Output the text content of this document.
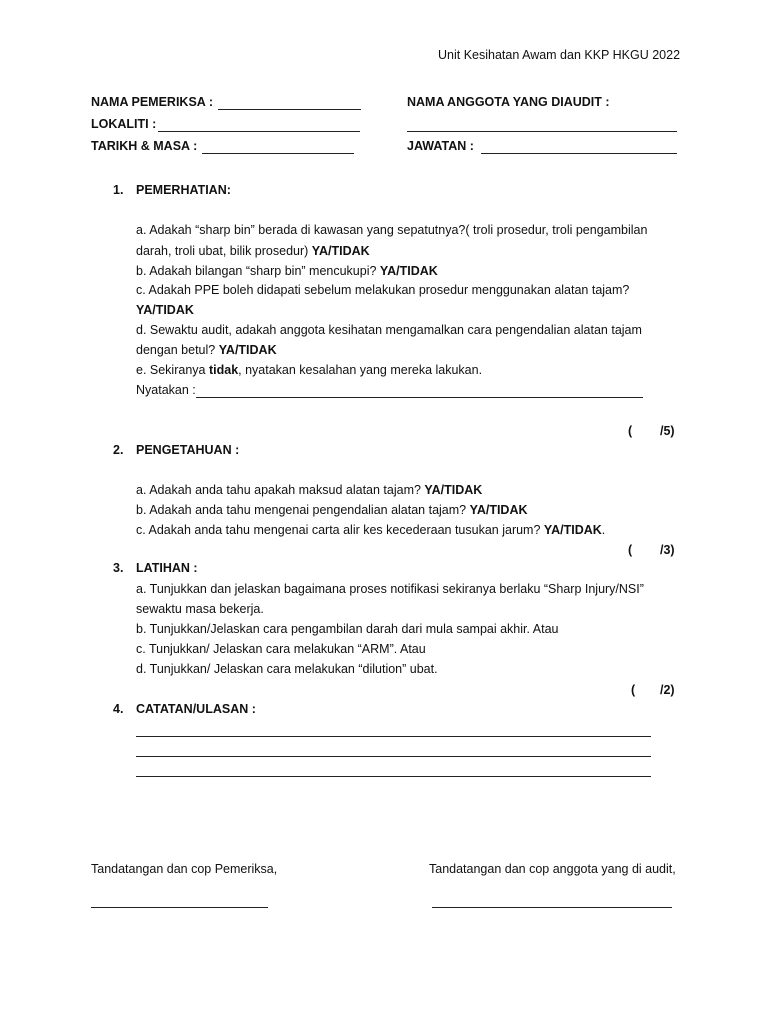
Unit Kesihatan Awam dan KKP HKGU 2022
NAMA PEMERIKSA :	NAMA ANGGOTA YANG DIAUDIT :
LOKALITI :
TARIKH & MASA :	JAWATAN :
1. PEMERHATIAN:
a. Adakah “sharp bin” berada di kawasan yang sepatutnya?( troli prosedur, troli pengambilan
darah, troli ubat, bilik prosedur) YA/TIDAK
b. Adakah bilangan “sharp bin” mencukupi? YA/TIDAK
c. Adakah PPE boleh didapati sebelum melakukan prosedur menggunakan alatan tajam?
YA/TIDAK
d. Sewaktu audit, adakah anggota kesihatan mengamalkan cara pengendalian alatan tajam
dengan betul? YA/TIDAK
e. Sekiranya tidak, nyatakan kesalahan yang mereka lakukan.
Nyatakan :
( /5)
2. PENGETAHUAN :
a. Adakah anda tahu apakah maksud alatan tajam? YA/TIDAK
b. Adakah anda tahu mengenai pengendalian alatan tajam? YA/TIDAK
c. Adakah anda tahu mengenai carta alir kes kecederaan tusukan jarum? YA/TIDAK.
( /3)
3. LATIHAN :
a. Tunjukkan dan jelaskan bagaimana proses notifikasi sekiranya berlaku “Sharp Injury/NSI”
sewaktu masa bekerja.
b. Tunjukkan/Jelaskan cara pengambilan darah dari mula sampai akhir. Atau
c. Tunjukkan/ Jelaskan cara melakukan “ARM”. Atau
d. Tunjukkan/ Jelaskan cara melakukan “dilution” ubat.
( /2)
4. CATATAN/ULASAN :
Tandatangan dan cop Pemeriksa,	Tandatangan dan cop anggota yang di audit,
